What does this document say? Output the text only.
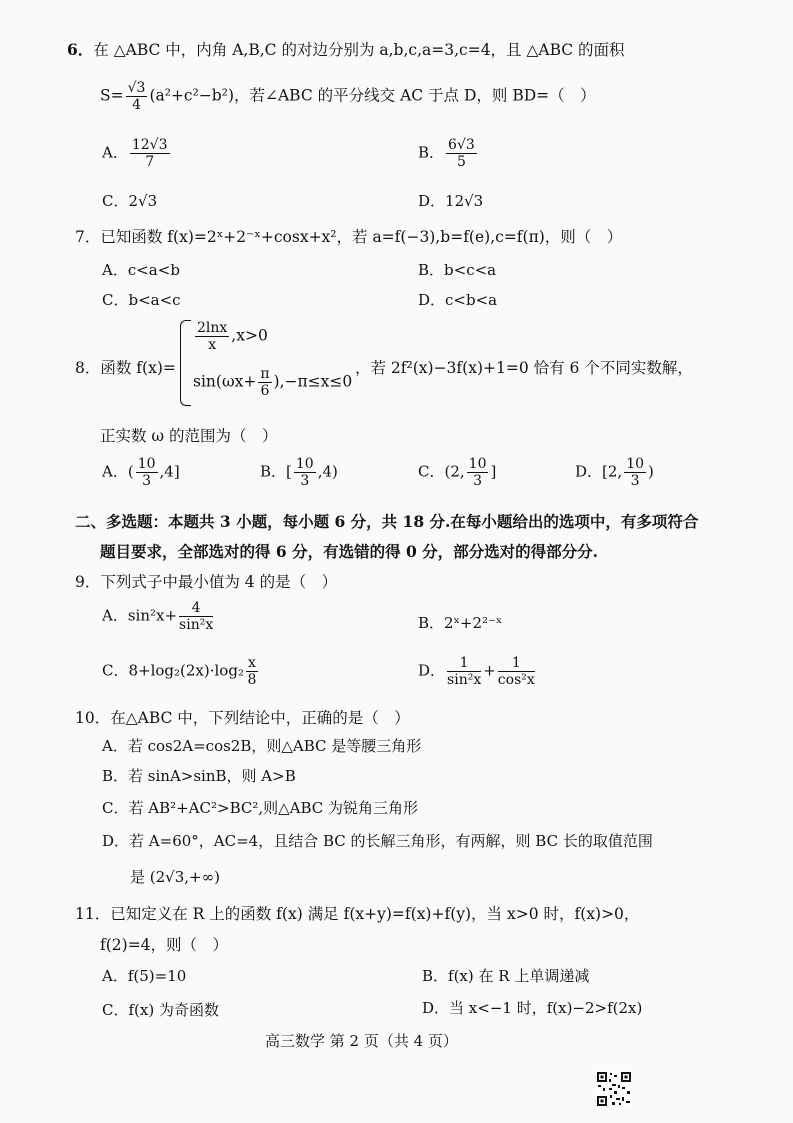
6．在 △ABC 中，内角 A,B,C 的对边分别为 a,b,c,a=3,c=4，且 △ABC 的面积
$S= \frac{√3}{4} (a^2+c^2-b^2)$，若∠ABC 的平分线交 AC 于点 D，则 BD=（　）
A． $\frac{12√3}{7}$	B． $\frac{6√3}{5}$
C．2√3	D．12√3
7．已知函数 f(x)=2ˣ+2⁻ˣ+cosx+x²，若 a=f(−3),b=f(e),c=f(π)，则（　）
A．c<a<b	B．b<c<a
C．b<a<c	D．c<b<a
8．函数 f(x)=
$\frac{2\ln x}{x} ,x>0$
$\sin(\omega x+ \frac{\pi}{6} ),-\pi\le x\le 0$
，若 2f²(x)−3f(x)+1=0 恰有 6 个不同实数解，
正实数 ω 的范围为（　）
A．( $\frac{10}{3} ,4$]	B．[ $\frac{10}{3} ,4$)	C．(2, $\frac{10}{3}$ ]	D．[2, $\frac{10}{3}$ )
二、多选题：本题共 3 小题，每小题 6 分，共 18 分.在每小题给出的选项中，有多项符合
题目要求，全部选对的得 6 分，有选错的得 0 分，部分选对的得部分分.
9．下列式子中最小值为 4 的是（　）
A．$\sin^2x+ \frac{4}{\text{sin²x}}$	B．2ˣ+2²⁻ˣ
C．$8+\log_2(2x)\cdot\log_2 \frac{x}{8}$	D． $\frac{1}{\text{sin²x}} + \frac{1}{\text{cos²x}}$
10．在△ABC 中，下列结论中，正确的是（　）
A．若 cos2A=cos2B，则△ABC 是等腰三角形
B．若 sinA>sinB，则 A>B
C．若 AB²+AC²>BC²,则△ABC 为锐角三角形
D．若 A=60°，AC=4，且结合 BC 的长解三角形，有两解，则 BC 长的取值范围
是 (2√3,+∞)
11．已知定义在 R 上的函数 f(x) 满足 f(x+y)=f(x)+f(y)，当 x>0 时，f(x)>0，
f(2)=4，则（　）
A．f(5)=10	B．f(x) 在 R 上单调递减
C．f(x) 为奇函数	D．当 x<−1 时，f(x)−2>f(2x)
高三数学 第 2 页（共 4 页）
